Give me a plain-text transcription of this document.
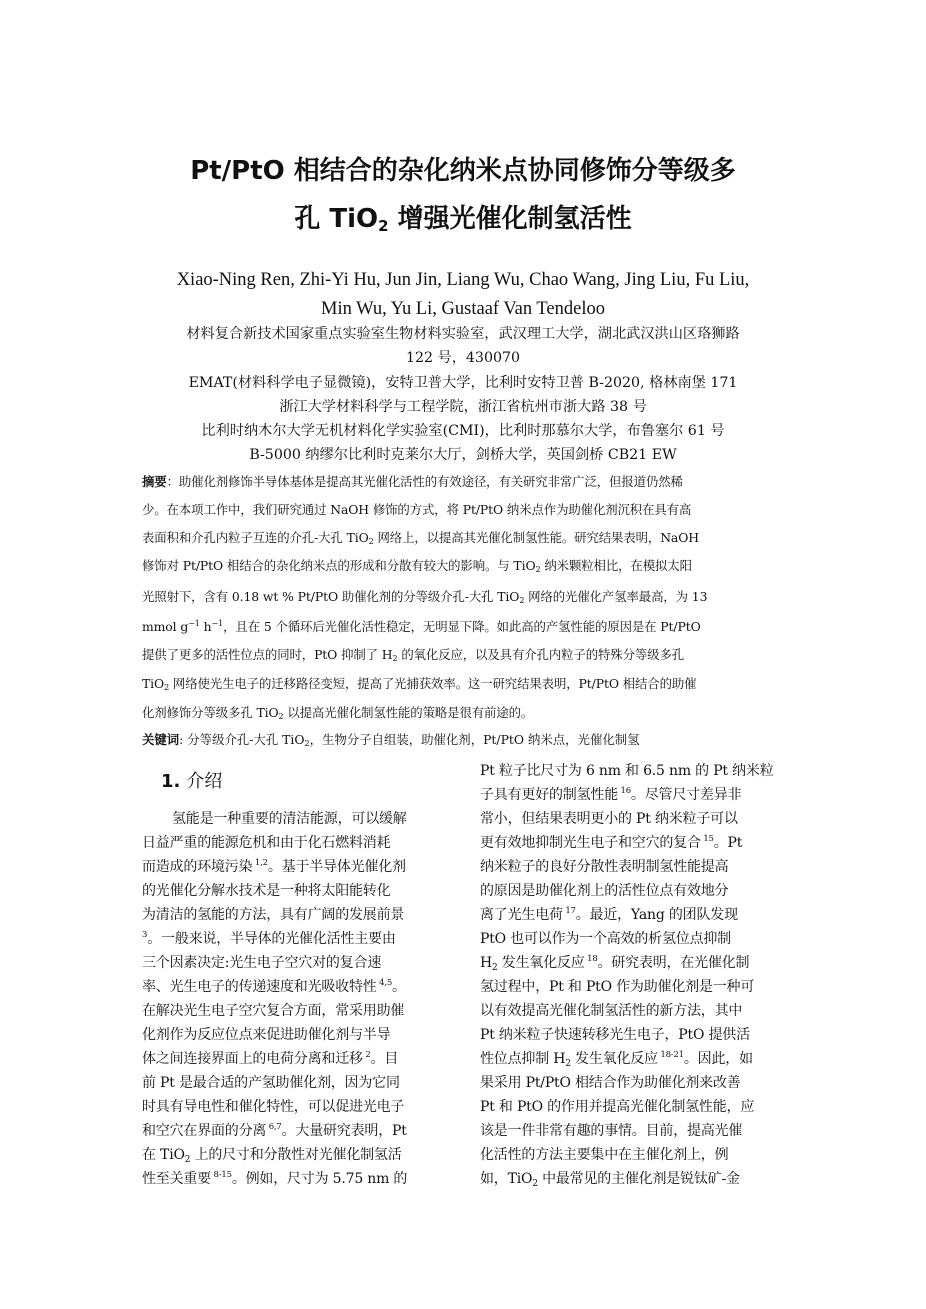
Pt/PtO 相结合的杂化纳米点协同修饰分等级多
孔 TiO$_2$ 增强光催化制氢活性
Xiao-Ning Ren, Zhi-Yi Hu, Jun Jin, Liang Wu, Chao Wang, Jing Liu, Fu Liu,
Min Wu, Yu Li, Gustaaf Van Tendeloo
材料复合新技术国家重点实验室生物材料实验室，武汉理工大学，湖北武汉洪山区珞狮路
122 号，430070
EMAT(材料科学电子显微镜)，安特卫普大学，比利时安特卫普 B-2020, 格林南堡 171
浙江大学材料科学与工程学院，浙江省杭州市浙大路 38 号
比利时纳木尔大学无机材料化学实验室(CMI)，比利时那慕尔大学，布鲁塞尔 61 号
B-5000 纳缪尔比利时克莱尔大厅，剑桥大学，英国剑桥 CB21 EW
摘要：助催化剂修饰半导体基体是提高其光催化活性的有效途径，有关研究非常广泛，但报道仍然稀
少。在本项工作中，我们研究通过 NaOH 修饰的方式，将 Pt/PtO 纳米点作为助催化剂沉积在具有高
表面积和介孔内粒子互连的介孔-大孔 TiO$_2$ 网络上，以提高其光催化制氢性能。研究结果表明，NaOH
修饰对 Pt/PtO 相结合的杂化纳米点的形成和分散有较大的影响。与 TiO$_2$ 纳米颗粒相比，在模拟太阳
光照射下，含有 0.18 wt % Pt/PtO 助催化剂的分等级介孔-大孔 TiO$_2$ 网络的光催化产氢率最高，为 13
mmol $g^{-1}$ $h^{-1}$，且在 5 个循环后光催化活性稳定，无明显下降。如此高的产氢性能的原因是在 Pt/PtO
提供了更多的活性位点的同时，PtO 抑制了 $H_2$ 的氧化反应，以及具有介孔内粒子的特殊分等级多孔
TiO$_2$ 网络使光生电子的迁移路径变短，提高了光捕获效率。这一研究结果表明，Pt/PtO 相结合的助催
化剂修饰分等级多孔 TiO$_2$ 以提高光催化制氢性能的策略是很有前途的。
关键词: 分等级介孔-大孔 TiO$_2$，生物分子自组装，助催化剂，Pt/PtO 纳米点，光催化制氢
1. 介绍
氢能是一种重要的清洁能源，可以缓解
日益严重的能源危机和由于化石燃料消耗
而造成的环境污染 $^{1,2}$。基于半导体光催化剂
的光催化分解水技术是一种将太阳能转化
为清洁的氢能的方法，具有广阔的发展前景
$^3$。一般来说，半导体的光催化活性主要由
三个因素决定:光生电子空穴对的复合速
率、光生电子的传递速度和光吸收特性 $^{4,5}$。
在解决光生电子空穴复合方面，常采用助催
化剂作为反应位点来促进助催化剂与半导
体之间连接界面上的电荷分离和迁移 $^2$。目
前 Pt 是最合适的产氢助催化剂，因为它同
时具有导电性和催化特性，可以促进光电子
和空穴在界面的分离 $^{6,7}$。大量研究表明，Pt
在 TiO$_2$ 上的尺寸和分散性对光催化制氢活
性至关重要 $^{8-15}$。例如，尺寸为 5.75 nm 的
Pt 粒子比尺寸为 6 nm 和 6.5 nm 的 Pt 纳米粒
子具有更好的制氢性能 $^{16}$。尽管尺寸差异非
常小，但结果表明更小的 Pt 纳米粒子可以
更有效地抑制光生电子和空穴的复合 $^{15}$。Pt
纳米粒子的良好分散性表明制氢性能提高
的原因是助催化剂上的活性位点有效地分
离了光生电荷 $^{17}$。最近，Yang 的团队发现
PtO 也可以作为一个高效的析氢位点抑制
$H_2$ 发生氧化反应 $^{18}$。研究表明，在光催化制
氢过程中，Pt 和 PtO 作为助催化剂是一种可
以有效提高光催化制氢活性的新方法，其中
Pt 纳米粒子快速转移光生电子，PtO 提供活
性位点抑制 $H_2$ 发生氧化反应 $^{18-21}$。因此，如
果采用 Pt/PtO 相结合作为助催化剂来改善
Pt 和 PtO 的作用并提高光催化制氢性能，应
该是一件非常有趣的事情。目前，提高光催
化活性的方法主要集中在主催化剂上，例
如，TiO$_2$ 中最常见的主催化剂是锐钛矿-金
